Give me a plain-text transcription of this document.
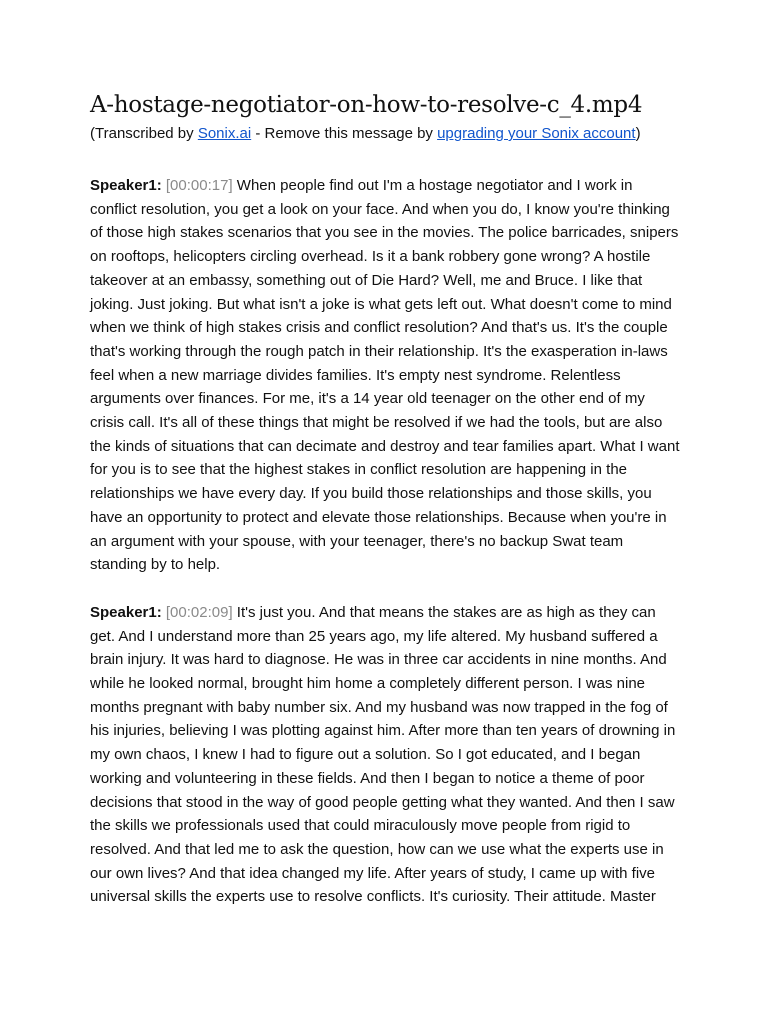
A-hostage-negotiator-on-how-to-resolve-c_4.mp4

(Transcribed by Sonix.ai - Remove this message by upgrading your Sonix account)

Speaker1: [00:00:17] When people find out I'm a hostage negotiator and I work in conflict resolution, you get a look on your face. And when you do, I know you're thinking of those high stakes scenarios that you see in the movies. The police barricades, snipers on rooftops, helicopters circling overhead. Is it a bank robbery gone wrong? A hostile takeover at an embassy, something out of Die Hard? Well, me and Bruce. I like that joking. Just joking. But what isn't a joke is what gets left out. What doesn't come to mind when we think of high stakes crisis and conflict resolution? And that's us. It's the couple that's working through the rough patch in their relationship. It's the exasperation in-laws feel when a new marriage divides families. It's empty nest syndrome. Relentless arguments over finances. For me, it's a 14 year old teenager on the other end of my crisis call. It's all of these things that might be resolved if we had the tools, but are also the kinds of situations that can decimate and destroy and tear families apart. What I want for you is to see that the highest stakes in conflict resolution are happening in the relationships we have every day. If you build those relationships and those skills, you have an opportunity to protect and elevate those relationships. Because when you're in an argument with your spouse, with your teenager, there's no backup Swat team standing by to help.

Speaker1: [00:02:09] It's just you. And that means the stakes are as high as they can get. And I understand more than 25 years ago, my life altered. My husband suffered a brain injury. It was hard to diagnose. He was in three car accidents in nine months. And while he looked normal, brought him home a completely different person. I was nine months pregnant with baby number six. And my husband was now trapped in the fog of his injuries, believing I was plotting against him. After more than ten years of drowning in my own chaos, I knew I had to figure out a solution. So I got educated, and I began working and volunteering in these fields. And then I began to notice a theme of poor decisions that stood in the way of good people getting what they wanted. And then I saw the skills we professionals used that could miraculously move people from rigid to resolved. And that led me to ask the question, how can we use what the experts use in our own lives? And that idea changed my life. After years of study, I came up with five universal skills the experts use to resolve conflicts. It's curiosity. Their attitude. Master
